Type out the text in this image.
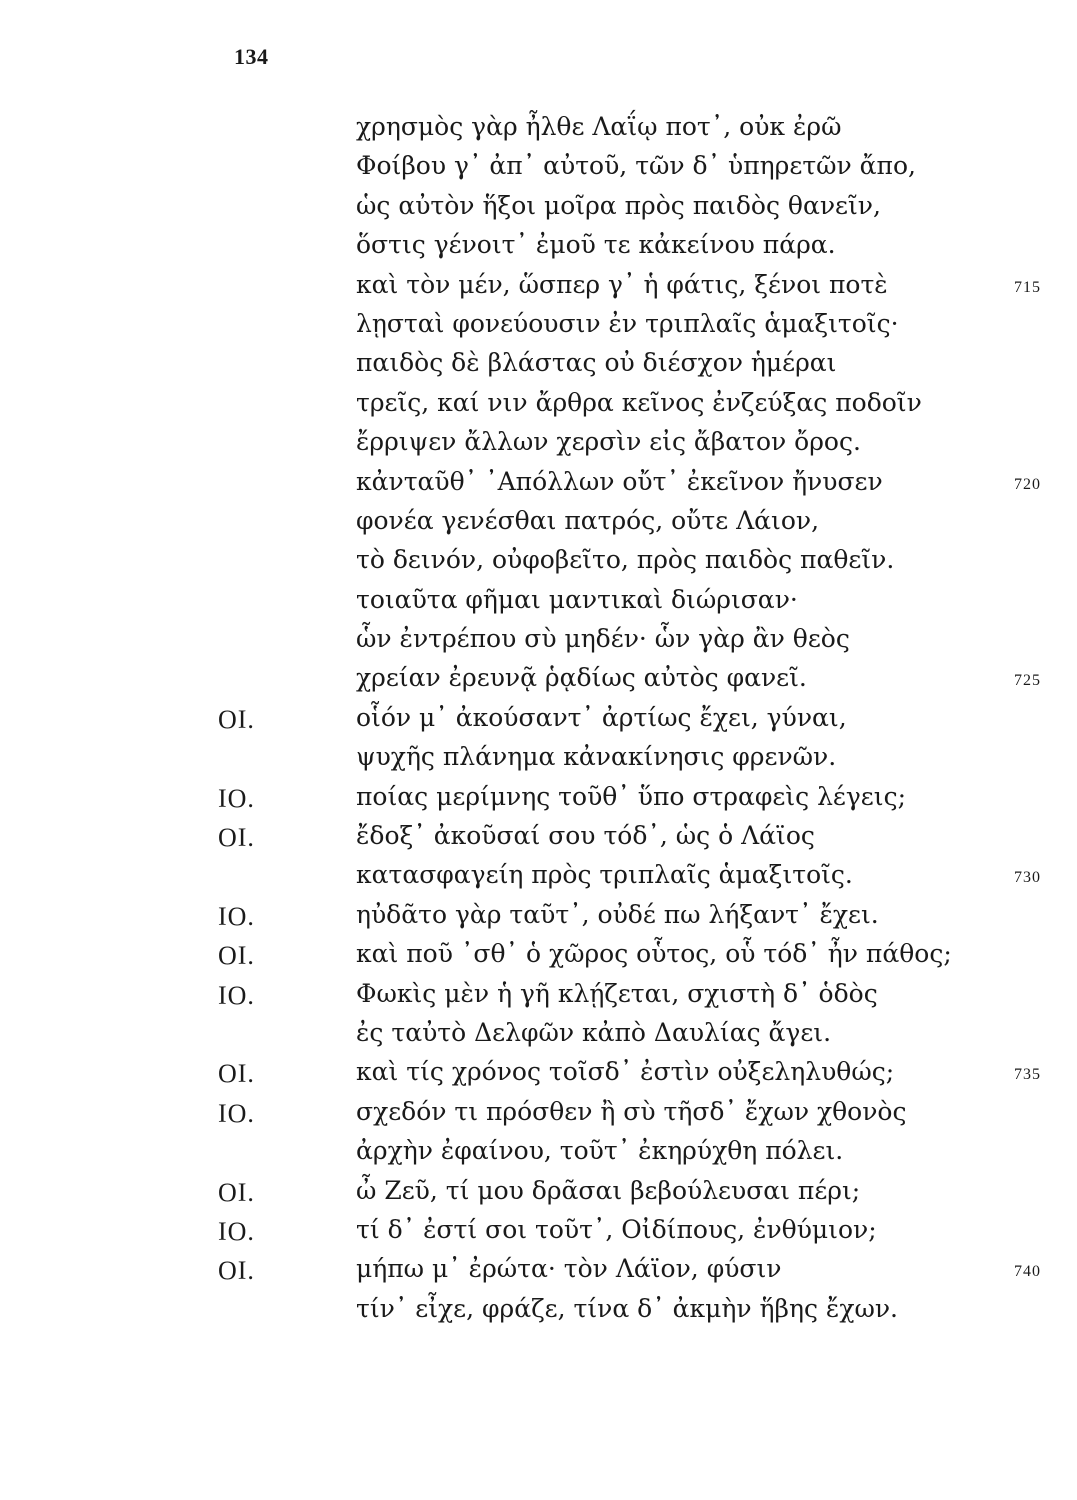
134
χρησμὸς γὰρ ἦλθε Λαΐῳ ποτ᾽, οὐκ ἐρῶ
Φοίβου γ᾽ ἀπ᾽ αὐτοῦ, τῶν δ᾽ ὑπηρετῶν ἄπο,
ὡς αὐτὸν ἥξοι μοῖρα πρὸς παιδὸς θανεῖν,
ὅστις γένοιτ᾽ ἐμοῦ τε κἀκείνου πάρα.
καὶ τὸν μέν, ὥσπερ γ᾽ ἡ φάτις, ξένοι ποτὲ	715
λῃσταὶ φονεύουσιν ἐν τριπλαῖς ἁμαξιτοῖς·
παιδὸς δὲ βλάστας οὐ διέσχον ἡμέραι
τρεῖς, καί νιν ἄρθρα κεῖνος ἐνζεύξας ποδοῖν
ἔρριψεν ἄλλων χερσὶν εἰς ἄβατον ὄρος.
κἀνταῦθ᾽ ᾽Απόλλων οὔτ᾽ ἐκεῖνον ἤνυσεν	720
φονέα γενέσθαι πατρός, οὔτε Λάιον,
τὸ δεινόν, οὐφοβεῖτο, πρὸς παιδὸς παθεῖν.
τοιαῦτα φῆμαι μαντικαὶ διώρισαν·
ὧν ἐντρέπου σὺ μηδέν· ὧν γὰρ ἂν θεὸς
χρείαν ἐρευνᾷ ῥᾳδίως αὐτὸς φανεῖ.	725
ΟΙ.	οἷόν μ᾽ ἀκούσαντ᾽ ἀρτίως ἔχει, γύναι,
ψυχῆς πλάνημα κἀνακίνησις φρενῶν.
ΙΟ.	ποίας μερίμνης τοῦθ᾽ ὕπο στραφεὶς λέγεις;
ΟΙ.	ἔδοξ᾽ ἀκοῦσαί σου τόδ᾽, ὡς ὁ Λάϊος
κατασφαγείη πρὸς τριπλαῖς ἁμαξιτοῖς.	730
ΙΟ.	ηὐδᾶτο γὰρ ταῦτ᾽, οὐδέ πω λήξαντ᾽ ἔχει.
ΟΙ.	καὶ ποῦ ᾽σθ᾽ ὁ χῶρος οὗτος, οὗ τόδ᾽ ἦν πάθος;
ΙΟ.	Φωκὶς μὲν ἡ γῆ κλῄζεται, σχιστὴ δ᾽ ὁδὸς
ἐς ταὐτὸ Δελφῶν κἀπὸ Δαυλίας ἄγει.
ΟΙ.	καὶ τίς χρόνος τοῖσδ᾽ ἐστὶν οὐξεληλυθώς;	735
ΙΟ.	σχεδόν τι πρόσθεν ἢ σὺ τῆσδ᾽ ἔχων χθονὸς
ἀρχὴν ἐφαίνου, τοῦτ᾽ ἐκηρύχθη πόλει.
ΟΙ.	ὦ Ζεῦ, τί μου δρᾶσαι βεβούλευσαι πέρι;
ΙΟ.	τί δ᾽ ἐστί σοι τοῦτ᾽, Οἰδίπους, ἐνθύμιον;
ΟΙ.	μήπω μ᾽ ἐρώτα· τὸν Λάϊον, φύσιν	740
τίν᾽ εἶχε, φράζε, τίνα δ᾽ ἀκμὴν ἥβης ἔχων.
